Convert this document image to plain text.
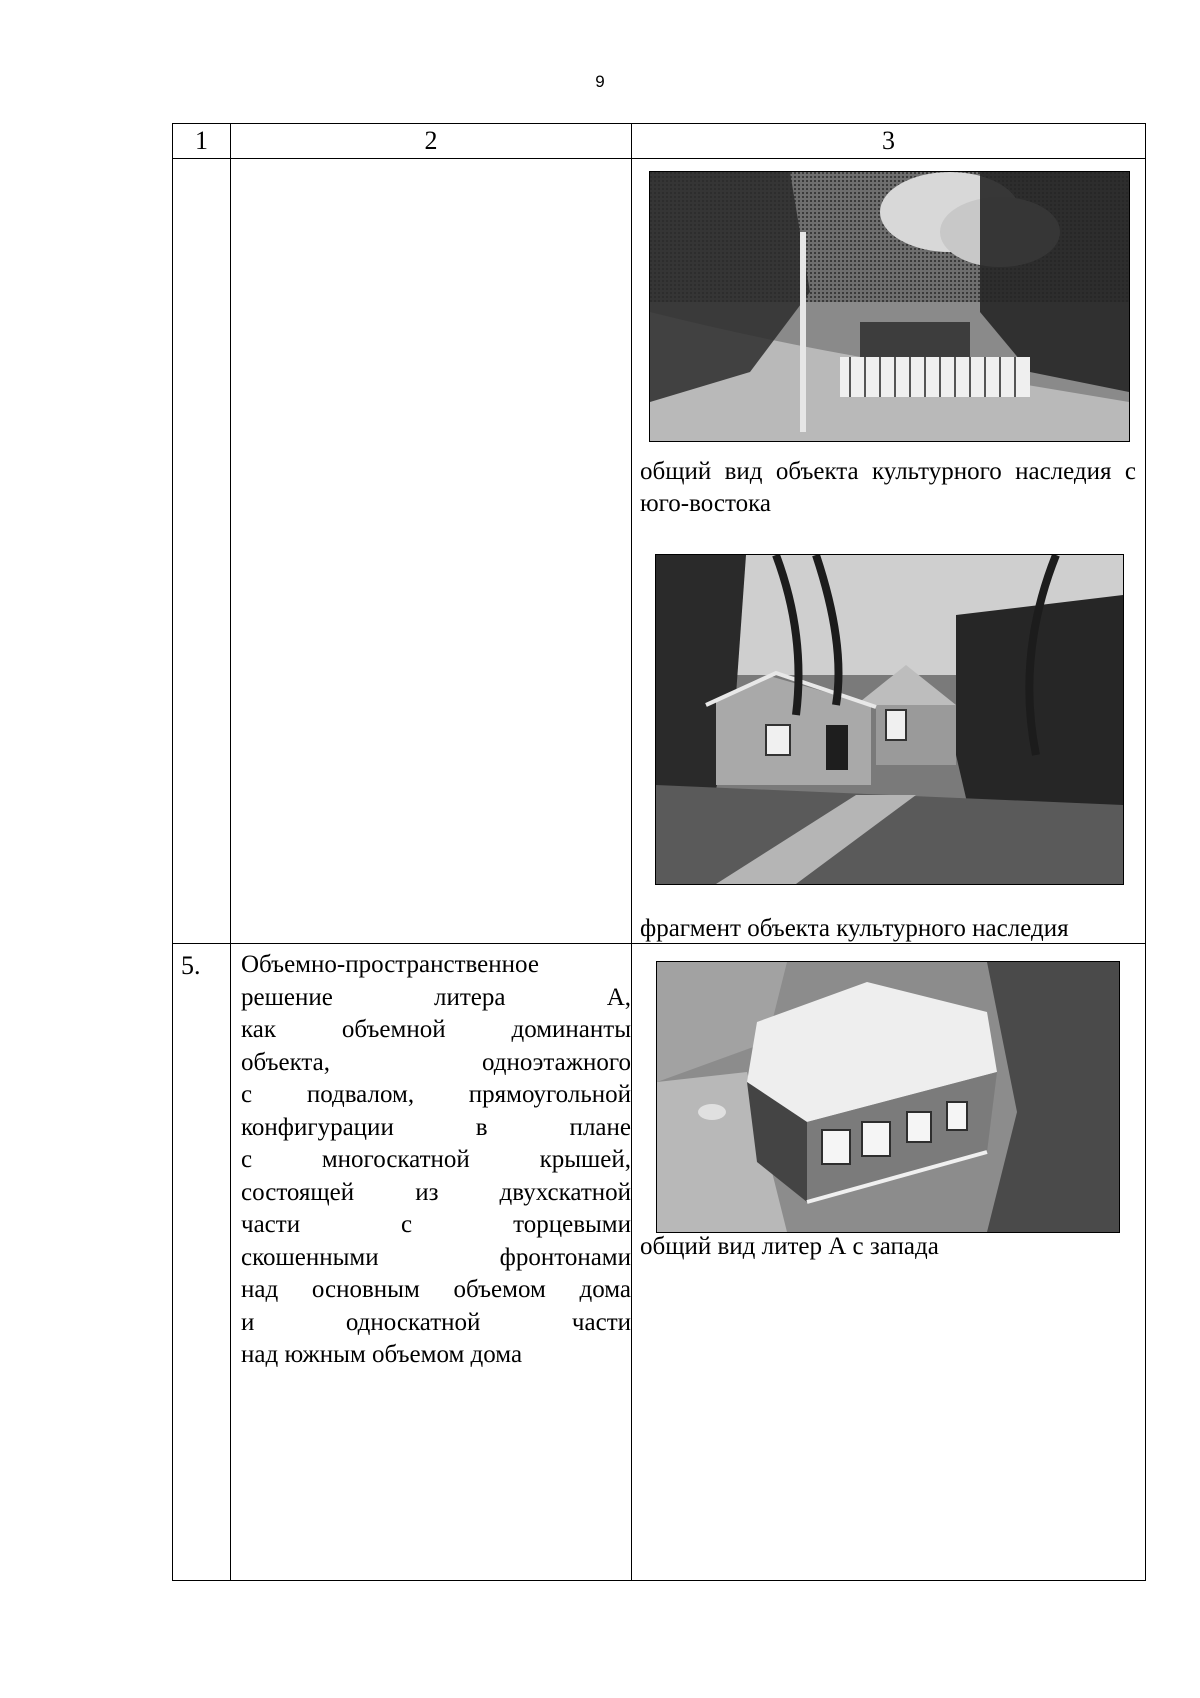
9
1	2	3
общий вид объекта культурного наследия с юго-востока
фрагмент объекта культурного наследия
5. Объемно-пространственное
решение литера А,
как объемной доминанты
объекта, одноэтажного
с подвалом, прямоугольной
конфигурации в плане
с многоскатной крышей,
состоящей из двухскатной
части с торцевыми
скошенными фронтонами
над основным объемом дома
и односкатной части
над южным объемом дома
общий вид литер А с запада
